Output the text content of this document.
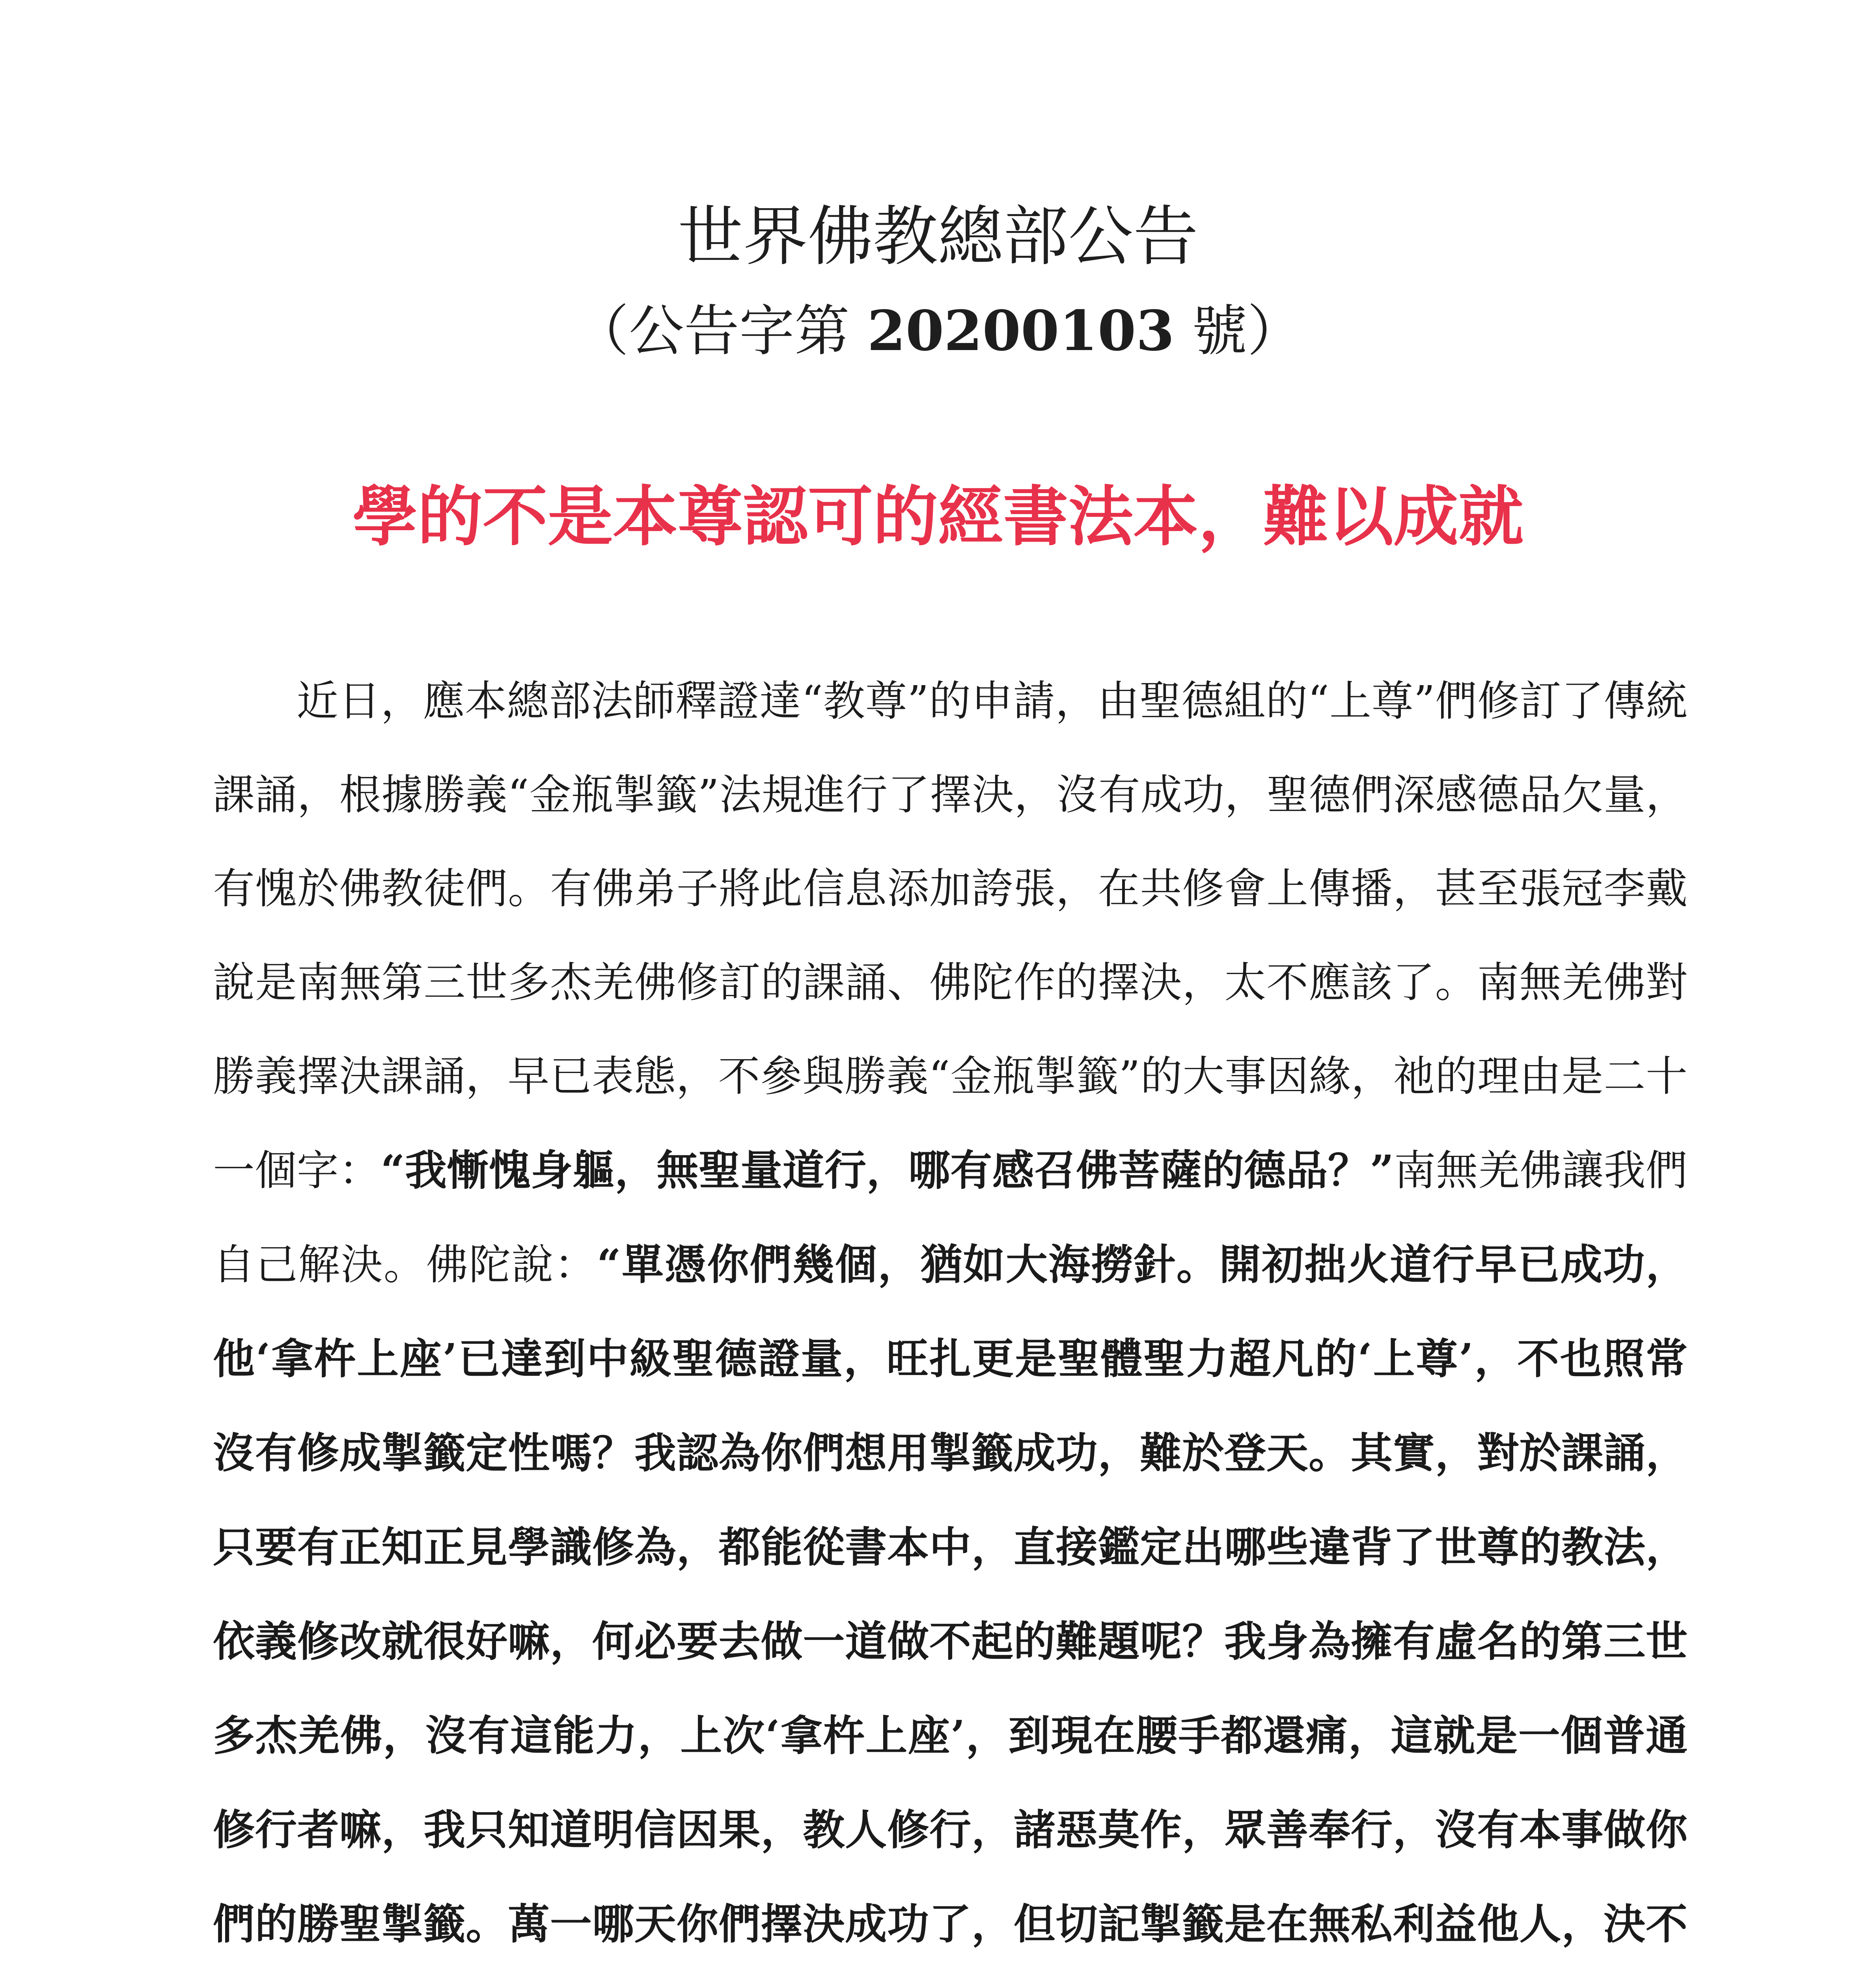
世界佛教總部公告
（公告字第 20200103 號）
學的不是本尊認可的經書法本，難以成就
近日，應本總部法師釋證達“教尊”的申請，由聖德組的“上尊”們修訂了傳統課誦，根據勝義“金瓶掣籤”法規進行了擇決，沒有成功，聖德們深感德品欠量，有愧於佛教徒們。有佛弟子將此信息添加誇張，在共修會上傳播，甚至張冠李戴說是南無第三世多杰羌佛修訂的課誦、佛陀作的擇決，太不應該了。南無羌佛對勝義擇決課誦，早已表態，不參與勝義“金瓶掣籤”的大事因緣，祂的理由是二十一個字：“我慚愧身軀，無聖量道行，哪有感召佛菩薩的德品？”南無羌佛讓我們自己解決。佛陀說：“單憑你們幾個，猶如大海撈針。開初拙火道行早已成功，他‘拿杵上座’已達到中級聖德證量，旺扎更是聖體聖力超凡的‘上尊’，不也照常沒有修成掣籤定性嗎？我認為你們想用掣籤成功，難於登天。其實，對於課誦，只要有正知正見學識修為，都能從書本中，直接鑑定出哪些違背了世尊的教法，依義修改就很好嘛，何必要去做一道做不起的難題呢？我身為擁有虛名的第三世多杰羌佛，沒有這能力，上次‘拿杵上座’，到現在腰手都還痛，這就是一個普通修行者嘛，我只知道明信因果，教人修行，諸惡莫作，眾善奉行，沒有本事做你們的勝聖掣籤。萬一哪天你們擇決成功了，但切記掣籤是在無私利益他人，決不
